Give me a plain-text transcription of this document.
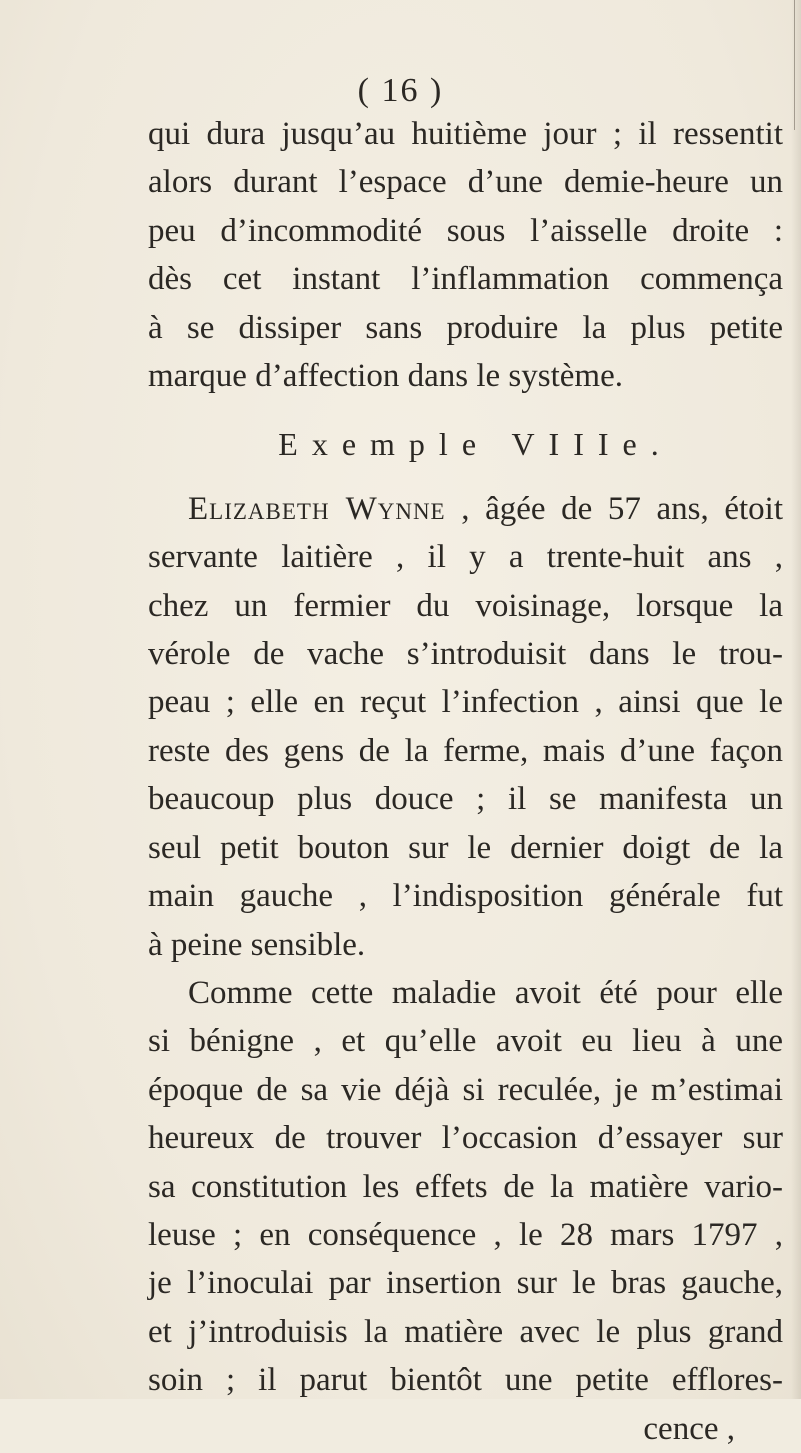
( 16 )
qui dura jusqu’au huitième jour ; il ressentit
alors durant l’espace d’une demie-heure un
peu d’incommodité sous l’aisselle droite :
dès cet instant l’inflammation commença
à se dissiper sans produire la plus petite
marque d’affection dans le système.
Exemple VIIIe.
Elizabeth Wynne , âgée de 57 ans, étoit
servante laitière , il y a trente-huit ans ,
chez un fermier du voisinage, lorsque la
vérole de vache s’introduisit dans le trou-
peau ; elle en reçut l’infection , ainsi que le
reste des gens de la ferme, mais d’une façon
beaucoup plus douce ; il se manifesta un
seul petit bouton sur le dernier doigt de la
main gauche , l’indisposition générale fut
à peine sensible.
Comme cette maladie avoit été pour elle
si bénigne , et qu’elle avoit eu lieu à une
époque de sa vie déjà si reculée, je m’estimai
heureux de trouver l’occasion d’essayer sur
sa constitution les effets de la matière vario-
leuse ; en conséquence , le 28 mars 1797 ,
je l’inoculai par insertion sur le bras gauche,
et j’introduisis la matière avec le plus grand
soin ; il parut bientôt une petite efflores-
cence ,
